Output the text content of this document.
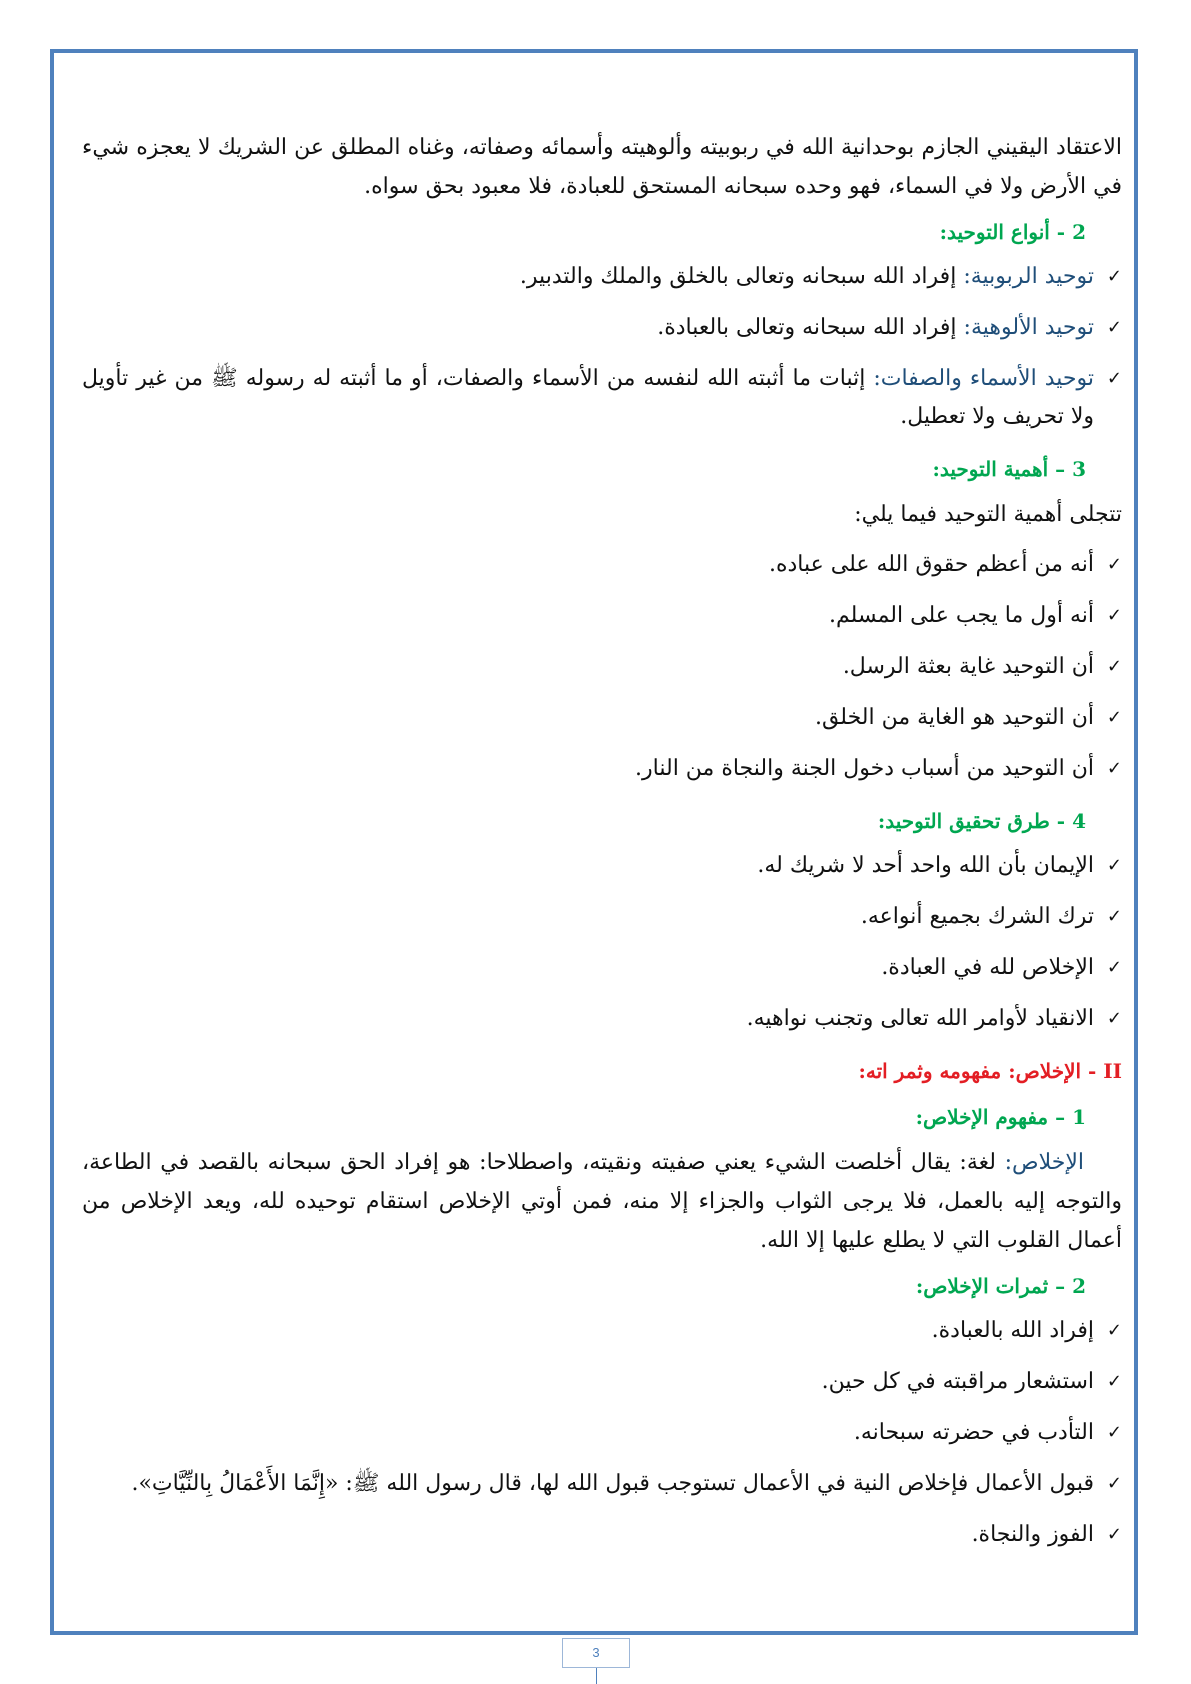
الاعتقاد اليقيني الجازم بوحدانية الله في ربوبيته وألوهيته وأسمائه وصفاته، وغناه المطلق عن الشريك لا يعجزه شيء في الأرض ولا في السماء، فهو وحده سبحانه المستحق للعبادة، فلا معبود بحق سواه.

2 - أنواع التوحيد:
✓
توحيد الربوبية: إفراد الله سبحانه وتعالى بالخلق والملك والتدبير.
✓
توحيد الألوهية: إفراد الله سبحانه وتعالى بالعبادة.
✓
توحيد الأسماء والصفات: إثبات ما أثبته الله لنفسه من الأسماء والصفات، أو ما أثبته له رسوله ﷺ من غير تأويل ولا تحريف ولا تعطيل.
3 – أهمية التوحيد:

تتجلى أهمية التوحيد فيما يلي:

✓
أنه من أعظم حقوق الله على عباده.
✓
أنه أول ما يجب على المسلم.
✓
أن التوحيد غاية بعثة الرسل.
✓
أن التوحيد هو الغاية من الخلق.
✓
أن التوحيد من أسباب دخول الجنة والنجاة من النار.
4 - طرق تحقيق التوحيد:
✓
الإيمان بأن الله واحد أحد لا شريك له.
✓
ترك الشرك بجميع أنواعه.
✓
الإخلاص لله في العبادة.
✓
الانقياد لأوامر الله تعالى وتجنب نواهيه.
II - الإخلاص: مفهومه وثمر اته:
1 – مفهوم الإخلاص:

الإخلاص: لغة: يقال أخلصت الشيء يعني صفيته ونقيته، واصطلاحا: هو إفراد الحق سبحانه بالقصد في الطاعة، والتوجه إليه بالعمل، فلا يرجى الثواب والجزاء إلا منه، فمن أوتي الإخلاص استقام توحيده لله، ويعد الإخلاص من أعمال القلوب التي لا يطلع عليها إلا الله.

2 – ثمرات الإخلاص:
✓
إفراد الله بالعبادة.
✓
استشعار مراقبته في كل حين.
✓
التأدب في حضرته سبحانه.
✓
قبول الأعمال فإخلاص النية في الأعمال تستوجب قبول الله لها، قال رسول الله ﷺ: «إِنَّمَا الأَعْمَالُ بِالنِّيَّاتِ».
✓
الفوز والنجاة.
3
